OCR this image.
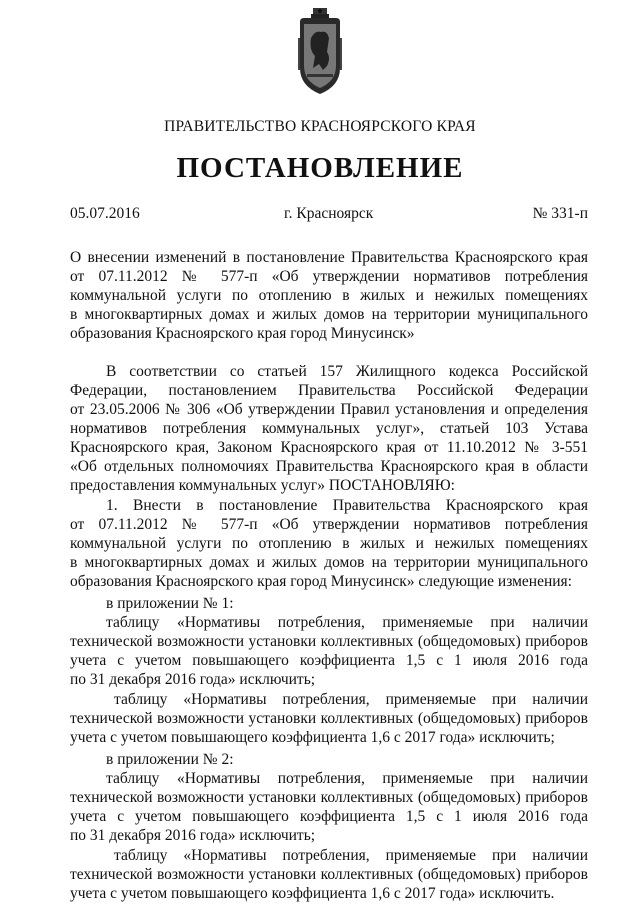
ПРАВИТЕЛЬСТВО КРАСНОЯРСКОГО КРАЯ
ПОСТАНОВЛЕНИЕ
05.07.2016	г. Красноярск	№ 331-п
О внесении изменений в постановление Правительства Красноярского края
от 07.11.2012 № 577-п «Об утверждении нормативов потребления
коммунальной услуги по отоплению в жилых и нежилых помещениях
в многоквартирных домах и жилых домов на территории муниципального
образования Красноярского края город Минусинск»
В соответствии со статьей 157 Жилищного кодекса Российской
Федерации, постановлением Правительства Российской Федерации
от 23.05.2006 № 306 «Об утверждении Правил установления и определения
нормативов потребления коммунальных услуг», статьей 103 Устава
Красноярского края, Законом Красноярского края от 11.10.2012 № 3-551
«Об отдельных полномочиях Правительства Красноярского края в области
предоставления коммунальных услуг» ПОСТАНОВЛЯЮ:
1. Внести в постановление Правительства Красноярского края
от 07.11.2012 № 577-п «Об утверждении нормативов потребления
коммунальной услуги по отоплению в жилых и нежилых помещениях
в многоквартирных домах и жилых домов на территории муниципального
образования Красноярского края город Минусинск» следующие изменения:
в приложении № 1:
таблицу «Нормативы потребления, применяемые при наличии
технической возможности установки коллективных (общедомовых) приборов
учета с учетом повышающего коэффициента 1,5 с 1 июля 2016 года
по 31 декабря 2016 года» исключить;
таблицу «Нормативы потребления, применяемые при наличии
технической возможности установки коллективных (общедомовых) приборов
учета с учетом повышающего коэффициента 1,6 с 2017 года» исключить;
в приложении № 2:
таблицу «Нормативы потребления, применяемые при наличии
технической возможности установки коллективных (общедомовых) приборов
учета с учетом повышающего коэффициента 1,5 с 1 июля 2016 года
по 31 декабря 2016 года» исключить;
таблицу «Нормативы потребления, применяемые при наличии
технической возможности установки коллективных (общедомовых) приборов
учета с учетом повышающего коэффициента 1,6 с 2017 года» исключить.
